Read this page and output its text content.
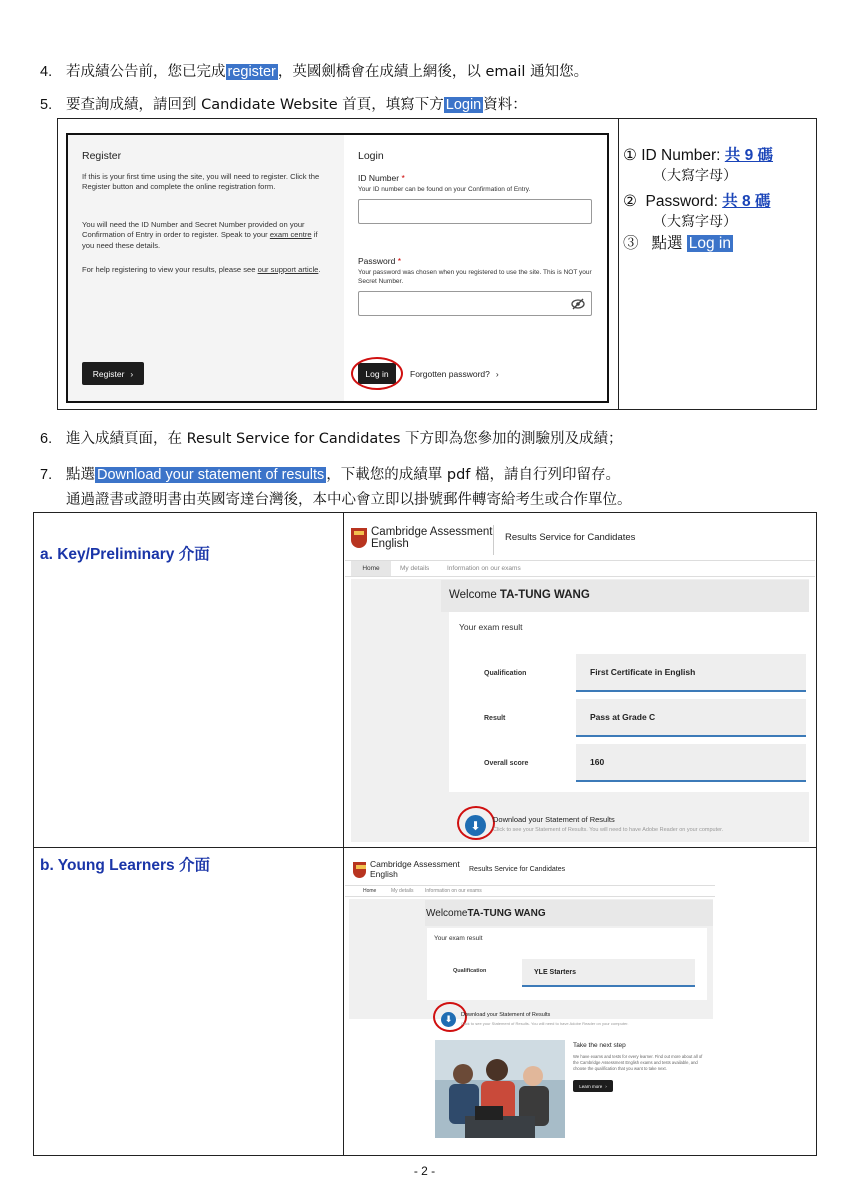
4. 若成績公告前，您已完成 register ，英國劍橋會在成績上網後，以 email 通知您。
5. 要查詢成績，請回到 Candidate Website 首頁，填寫下方 Login 資料：
Register
If this is your first time using the site, you will need to register. Click the Register button and complete the online registration form.
You will need the ID Number and Secret Number provided on your Confirmation of Entry in order to register. Speak to your exam centre if you need these details.
For help registering to view your results, please see our support article.
Register ›
Login
ID Number *
Your ID number can be found on your Confirmation of Entry.
Password *
Your password was chosen when you registered to use the site. This is NOT your Secret Number.
Log in	Forgotten password? ›
① ID Number: 共 9 碼
（大寫字母）
② Password: 共 8 碼
（大寫字母）
③ 點選 Log in
6. 進入成績頁面，在 Result Service for Candidates 下方即為您參加的測驗別及成績；
7. 點選 Download your statement of results ，下載您的成績單 pdf 檔，請自行列印留存。
通過證書或證明書由英國寄達台灣後，本中心會立即以掛號郵件轉寄給考生或合作單位。
a. Key/Preliminary 介面
b. Young Learners 介面
Cambridge Assessment
English
Results Service for Candidates
Home	My details	Information on our exams
Welcome TA-TUNG WANG
Your exam result
Qualification	First Certificate in English
Result	Pass at Grade C
Overall score	160
⬇	Download your Statement of Results
Click to see your Statement of Results. You will need to have Adobe Reader on your computer.
Cambridge Assessment
English	Results Service for Candidates
Home	My details Information on our exams
WelcomeTA-TUNG WANG
Your exam result
Qualification	YLE Starters
⬇	Download your Statement of Results
Click to see your Statement of Results. You will need to have Adobe Reader on your computer.
Take the next step
We have exams and tests for every learner. Find out more about all of the Cambridge Assessment English exams and tests available, and choose the qualification that you want to take next.
Learn more ›
- 2 -
